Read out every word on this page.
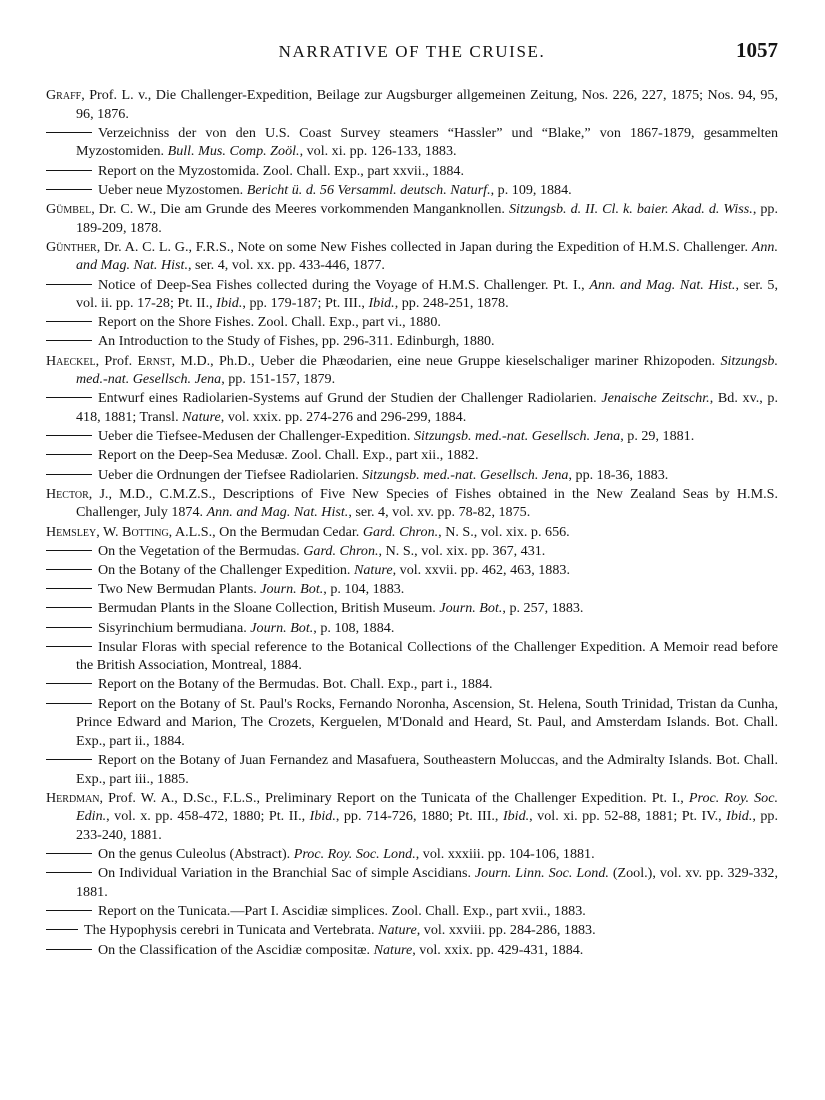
NARRATIVE OF THE CRUISE.	1057

Graff, Prof. L. v., Die Challenger-Expedition, Beilage zur Augsburger allgemeinen Zeitung, Nos. 226, 227, 1875; Nos. 94, 95, 96, 1876.

Verzeichniss der von den U.S. Coast Survey steamers “Hassler” und “Blake,” von 1867-1879, gesammelten Myzostomiden. Bull. Mus. Comp. Zoöl., vol. xi. pp. 126-133, 1883.

Report on the Myzostomida. Zool. Chall. Exp., part xxvii., 1884.

Ueber neue Myzostomen. Bericht ü. d. 56 Versamml. deutsch. Naturf., p. 109, 1884.

Gümbel, Dr. C. W., Die am Grunde des Meeres vorkommenden Manganknollen. Sitzungsb. d. II. Cl. k. baier. Akad. d. Wiss., pp. 189-209, 1878.

Günther, Dr. A. C. L. G., F.R.S., Note on some New Fishes collected in Japan during the Expedition of H.M.S. Challenger. Ann. and Mag. Nat. Hist., ser. 4, vol. xx. pp. 433-446, 1877.

Notice of Deep-Sea Fishes collected during the Voyage of H.M.S. Challenger. Pt. I., Ann. and Mag. Nat. Hist., ser. 5, vol. ii. pp. 17-28; Pt. II., Ibid., pp. 179-187; Pt. III., Ibid., pp. 248-251, 1878.

Report on the Shore Fishes. Zool. Chall. Exp., part vi., 1880.

An Introduction to the Study of Fishes, pp. 296-311. Edinburgh, 1880.

Haeckel, Prof. Ernst, M.D., Ph.D., Ueber die Phæodarien, eine neue Gruppe kieselschaliger mariner Rhizopoden. Sitzungsb. med.-nat. Gesellsch. Jena, pp. 151-157, 1879.

Entwurf eines Radiolarien-Systems auf Grund der Studien der Challenger Radiolarien. Jenaische Zeitschr., Bd. xv., p. 418, 1881; Transl. Nature, vol. xxix. pp. 274-276 and 296-299, 1884.

Ueber die Tiefsee-Medusen der Challenger-Expedition. Sitzungsb. med.-nat. Gesellsch. Jena, p. 29, 1881.

Report on the Deep-Sea Medusæ. Zool. Chall. Exp., part xii., 1882.

Ueber die Ordnungen der Tiefsee Radiolarien. Sitzungsb. med.-nat. Gesellsch. Jena, pp. 18-36, 1883.

Hector, J., M.D., C.M.Z.S., Descriptions of Five New Species of Fishes obtained in the New Zealand Seas by H.M.S. Challenger, July 1874. Ann. and Mag. Nat. Hist., ser. 4, vol. xv. pp. 78-82, 1875.

Hemsley, W. Botting, A.L.S., On the Bermudan Cedar. Gard. Chron., N. S., vol. xix. p. 656.

On the Vegetation of the Bermudas. Gard. Chron., N. S., vol. xix. pp. 367, 431.

On the Botany of the Challenger Expedition. Nature, vol. xxvii. pp. 462, 463, 1883.

Two New Bermudan Plants. Journ. Bot., p. 104, 1883.

Bermudan Plants in the Sloane Collection, British Museum. Journ. Bot., p. 257, 1883.

Sisyrinchium bermudiana. Journ. Bot., p. 108, 1884.

Insular Floras with special reference to the Botanical Collections of the Challenger Expedition. A Memoir read before the British Association, Montreal, 1884.

Report on the Botany of the Bermudas. Bot. Chall. Exp., part i., 1884.

Report on the Botany of St. Paul's Rocks, Fernando Noronha, Ascension, St. Helena, South Trinidad, Tristan da Cunha, Prince Edward and Marion, The Crozets, Kerguelen, M'Donald and Heard, St. Paul, and Amsterdam Islands. Bot. Chall. Exp., part ii., 1884.

Report on the Botany of Juan Fernandez and Masafuera, Southeastern Moluccas, and the Admiralty Islands. Bot. Chall. Exp., part iii., 1885.

Herdman, Prof. W. A., D.Sc., F.L.S., Preliminary Report on the Tunicata of the Challenger Expedition. Pt. I., Proc. Roy. Soc. Edin., vol. x. pp. 458-472, 1880; Pt. II., Ibid., pp. 714-726, 1880; Pt. III., Ibid., vol. xi. pp. 52-88, 1881; Pt. IV., Ibid., pp. 233-240, 1881.

On the genus Culeolus (Abstract). Proc. Roy. Soc. Lond., vol. xxxiii. pp. 104-106, 1881.

On Individual Variation in the Branchial Sac of simple Ascidians. Journ. Linn. Soc. Lond. (Zool.), vol. xv. pp. 329-332, 1881.

Report on the Tunicata.—Part I. Ascidiæ simplices. Zool. Chall. Exp., part xvii., 1883.

The Hypophysis cerebri in Tunicata and Vertebrata. Nature, vol. xxviii. pp. 284-286, 1883.

On the Classification of the Ascidiæ compositæ. Nature, vol. xxix. pp. 429-431, 1884.
